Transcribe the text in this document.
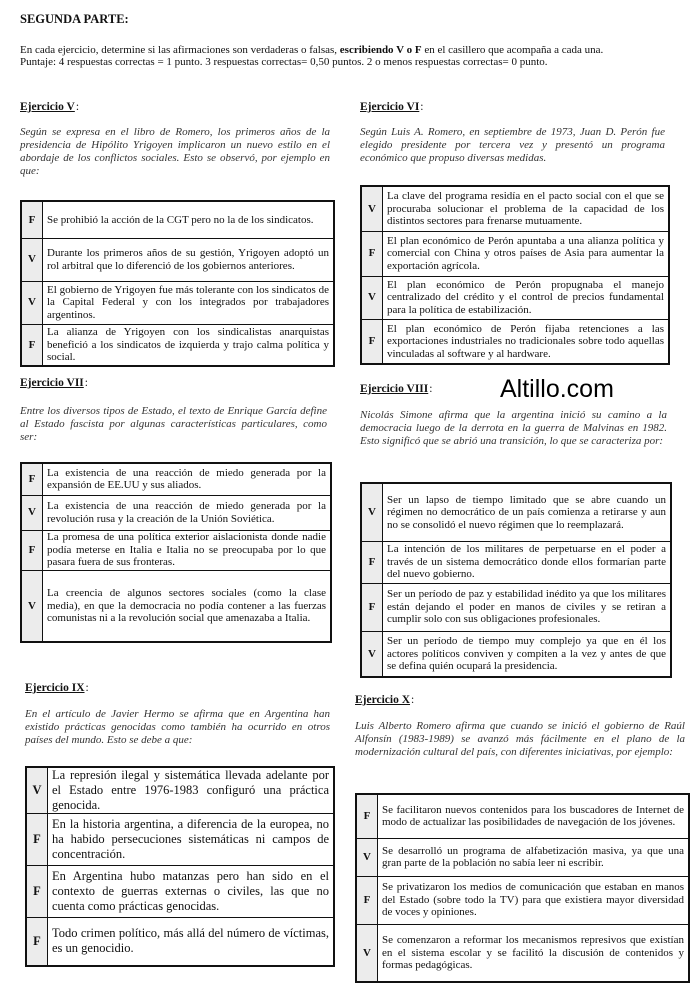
SEGUNDA PARTE:
En cada ejercicio, determine si las afirmaciones son verdaderas o falsas, escribiendo V o F en el casillero que acompaña a cada una.
Puntaje: 4 respuestas correctas = 1 punto. 3 respuestas correctas= 0,50 puntos. 2 o menos respuestas correctas= 0 punto.
Altillo.com
Ejercicio V :
Según se expresa en el libro de Romero, los primeros años de la presidencia de Hipólito Yrigoyen implicaron un nuevo estilo en el abordaje de los conflictos sociales. Esto se observó, por ejemplo en que:
F	Se prohibió la acción de la CGT pero no la de los sindicatos.
V	Durante los primeros años de su gestión, Yrigoyen adoptó un rol arbitral que lo diferenció de los gobiernos anteriores.
V	El gobierno de Yrigoyen fue más tolerante con los sindicatos de la Capital Federal y con los integrados por trabajadores argentinos.
F	La alianza de Yrigoyen con los sindicalistas anarquistas benefició a los sindicatos de izquierda y trajo calma política y social.
Ejercicio VI :
Según Luis A. Romero, en septiembre de 1973, Juan D. Perón fue elegido presidente por tercera vez y presentó un programa económico que propuso diversas medidas.
V	La clave del programa residía en el pacto social con el que se procuraba solucionar el problema de la capacidad de los distintos sectores para frenarse mutuamente.
F	El plan económico de Perón apuntaba a una alianza política y comercial con China y otros países de Asia para aumentar la exportación agrícola.
V	El plan económico de Perón propugnaba el manejo centralizado del crédito y el control de precios fundamental para la política de estabilización.
F	El plan económico de Perón fijaba retenciones a las exportaciones industriales no tradicionales sobre todo aquellas vinculadas al software y al hardware.
Ejercicio VII :
Entre los diversos tipos de Estado, el texto de Enrique García define al Estado fascista por algunas características particulares, como ser:
F	La existencia de una reacción de miedo generada por la expansión de EE.UU y sus aliados.
V	La existencia de una reacción de miedo generada por la revolución rusa y la creación de la Unión Soviética.
F	La promesa de una política exterior aislacionista donde nadie podía meterse en Italia e Italia no se preocupaba por lo que pasara fuera de sus fronteras.
V	La creencia de algunos sectores sociales (como la clase media), en que la democracia no podía contener a las fuerzas comunistas ni a la revolución social que amenazaba a Italia.
Ejercicio VIII :
Nicolás Simone afirma que la argentina inició su camino a la democracia luego de la derrota en la guerra de Malvinas en 1982. Esto significó que se abrió una transición, lo que se caracteriza por:
V	Ser un lapso de tiempo limitado que se abre cuando un régimen no democrático de un país comienza a retirarse y aun no se consolidó el nuevo régimen que lo reemplazará.
F	La intención de los militares de perpetuarse en el poder a través de un sistema democrático donde ellos formarían parte del nuevo gobierno.
F	Ser un período de paz y estabilidad inédito ya que los militares están dejando el poder en manos de civiles y se retiran a cumplir solo con sus obligaciones profesionales.
V	Ser un período de tiempo muy complejo ya que en él los actores políticos conviven y compiten a la vez y antes de que se defina quién ocupará la presidencia.
Ejercicio IX :
En el artículo de Javier Hermo se afirma que en Argentina han existido prácticas genocidas como también ha ocurrido en otros países del mundo. Esto se debe a que:
V	La represión ilegal y sistemática llevada adelante por el Estado entre 1976-1983 configuró una práctica genocida.
F	En la historia argentina, a diferencia de la europea, no ha habido persecuciones sistemáticas ni campos de concentración.
F	En Argentina hubo matanzas pero han sido en el contexto de guerras externas o civiles, las que no cuenta como prácticas genocidas.
F	Todo crimen político, más allá del número de víctimas, es un genocidio.
Ejercicio X :
Luis Alberto Romero afirma que cuando se inició el gobierno de Raúl Alfonsín (1983-1989) se avanzó más fácilmente en el plano de la modernización cultural del país, con diferentes iniciativas, por ejemplo:
F	Se facilitaron nuevos contenidos para los buscadores de Internet de modo de actualizar las posibilidades de navegación de los jóvenes.
V	Se desarrolló un programa de alfabetización masiva, ya que una gran parte de la población no sabía leer ni escribir.
F	Se privatizaron los medios de comunicación que estaban en manos del Estado (sobre todo la TV) para que existiera mayor diversidad de voces y opiniones.
V	Se comenzaron a reformar los mecanismos represivos que existían en el sistema escolar y se facilitó la discusión de contenidos y formas pedagógicas.
